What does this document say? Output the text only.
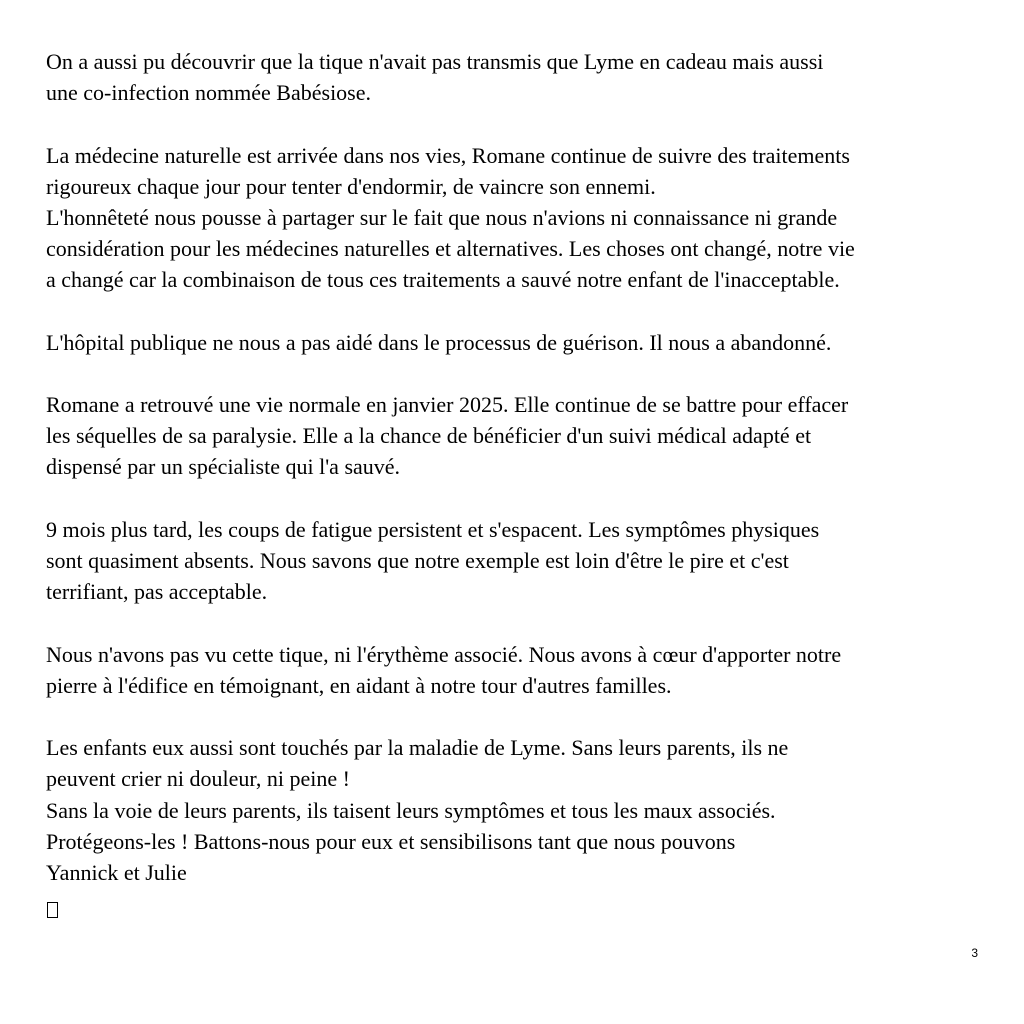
On a aussi pu découvrir que la tique n'avait pas transmis que Lyme en cadeau mais aussi
une co-infection nommée Babésiose.
La médecine naturelle est arrivée dans nos vies, Romane continue de suivre des traitements
rigoureux chaque jour pour tenter d'endormir, de vaincre son ennemi.
L'honnêteté nous pousse à partager sur le fait que nous n'avions ni connaissance ni grande
considération pour les médecines naturelles et alternatives. Les choses ont changé, notre vie
a changé car la combinaison de tous ces traitements a sauvé notre enfant de l'inacceptable.
L'hôpital publique ne nous a pas aidé dans le processus de guérison. Il nous a abandonné.
Romane a retrouvé une vie normale en janvier 2025. Elle continue de se battre pour effacer
les séquelles de sa paralysie. Elle a la chance de bénéficier d'un suivi médical adapté et
dispensé par un spécialiste qui l'a sauvé.
9 mois plus tard, les coups de fatigue persistent et s'espacent. Les symptômes physiques
sont quasiment absents. Nous savons que notre exemple est loin d'être le pire et c'est
terrifiant, pas acceptable.
Nous n'avons pas vu cette tique, ni l'érythème associé. Nous avons à cœur d'apporter notre
pierre à l'édifice en témoignant, en aidant à notre tour d'autres familles.
Les enfants eux aussi sont touchés par la maladie de Lyme. Sans leurs parents, ils ne
peuvent crier ni douleur, ni peine !
Sans la voie de leurs parents, ils taisent leurs symptômes et tous les maux associés.
Protégeons-les ! Battons-nous pour eux et sensibilisons tant que nous pouvons
Yannick et Julie
3
